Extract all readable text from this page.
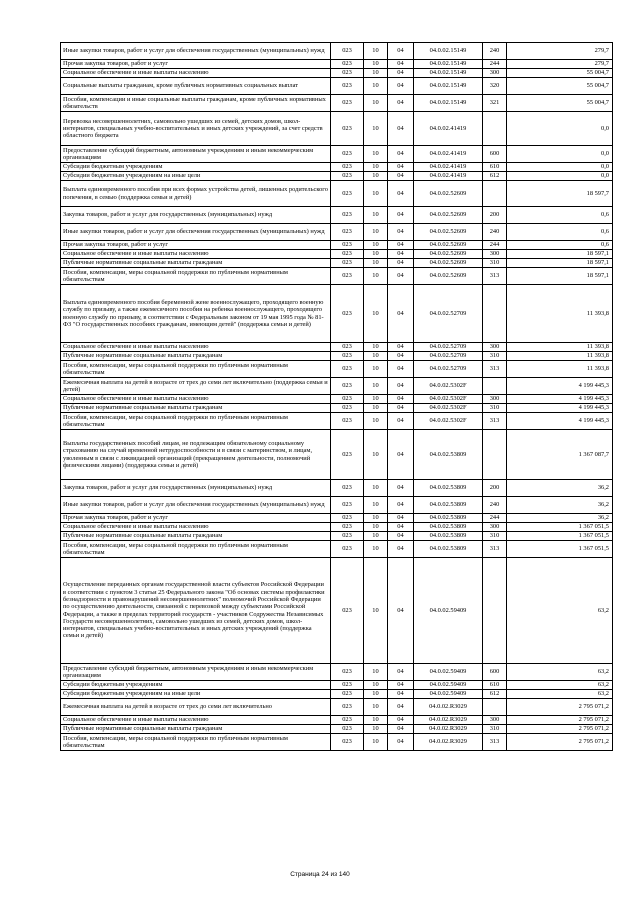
Иные закупки товаров, работ и услуг для обеспечения государственных (муниципальных) нужд	023	10	04	04.0.02.15149	240	279,7
Прочая закупка товаров, работ и услуг	023	10	04	04.0.02.15149	244	279,7
Социальное обеспечение и иные выплаты населению	023	10	04	04.0.02.15149	300	55 004,7
Социальные выплаты гражданам, кроме публичных нормативных социальных выплат	023	10	04	04.0.02.15149	320	55 004,7
Пособия, компенсации и иные социальные выплаты гражданам, кроме публичных нормативных обязательств	023	10	04	04.0.02.15149	321	55 004,7
Перевозка несовершеннолетних, самовольно ушедших из семей, детских домов, школ-интернатов, специальных учебно-воспитательных и иных детских учреждений, за счет средств областного бюджета	023	10	04	04.0.02.41419		0,0
Предоставление субсидий бюджетным, автономным учреждениям и иным некоммерческим организациям	023	10	04	04.0.02.41419	600	0,0
Субсидии бюджетным учреждениям	023	10	04	04.0.02.41419	610	0,0
Субсидии бюджетным учреждениям на иные цели	023	10	04	04.0.02.41419	612	0,0
Выплата единовременного пособия при всех формах устройства детей, лишенных родительского попечения, в семью (поддержка семьи и детей)	023	10	04	04.0.02.52609		18 597,7
Закупка товаров, работ и услуг для государственных (муниципальных) нужд	023	10	04	04.0.02.52609	200	0,6
Иные закупки товаров, работ и услуг для обеспечения государственных (муниципальных) нужд	023	10	04	04.0.02.52609	240	0,6
Прочая закупка товаров, работ и услуг	023	10	04	04.0.02.52609	244	0,6
Социальное обеспечение и иные выплаты населению	023	10	04	04.0.02.52609	300	18 597,1
Публичные нормативные социальные выплаты гражданам	023	10	04	04.0.02.52609	310	18 597,1
Пособия, компенсации, меры социальной поддержки по публичным нормативным обязательствам	023	10	04	04.0.02.52609	313	18 597,1
Выплата единовременного пособия беременной жене военнослужащего, проходящего военную службу по призыву, а также ежемесячного пособия на ребенка военнослужащего, проходящего военную службу по призыву, в соответствии с Федеральным законом от 19 мая 1995 года № 81-ФЗ "О государственных пособиях гражданам, имеющим детей" (поддержка семьи и детей)	023	10	04	04.0.02.52709		11 393,8
Социальное обеспечение и иные выплаты населению	023	10	04	04.0.02.52709	300	11 393,8
Публичные нормативные социальные выплаты гражданам	023	10	04	04.0.02.52709	310	11 393,8
Пособия, компенсации, меры социальной поддержки по публичным нормативным обязательствам	023	10	04	04.0.02.52709	313	11 393,8
Ежемесячная выплата на детей в возрасте от трех до семи лет включительно (поддержка семьи и детей)	023	10	04	04.0.02.5302F		4 199 445,3
Социальное обеспечение и иные выплаты населению	023	10	04	04.0.02.5302F	300	4 199 445,3
Публичные нормативные социальные выплаты гражданам	023	10	04	04.0.02.5302F	310	4 199 445,3
Пособия, компенсации, меры социальной поддержки по публичным нормативным обязательствам	023	10	04	04.0.02.5302F	313	4 199 445,3
Выплаты государственных пособий лицам, не подлежащим обязательному социальному страхованию на случай временной нетрудоспособности и в связи с материнством, и лицам, уволенным в связи с ликвидацией организаций (прекращением деятельности, полномочий физическими лицами) (поддержка семьи и детей)	023	10	04	04.0.02.53809		1 367 087,7
Закупка товаров, работ и услуг для государственных (муниципальных) нужд	023	10	04	04.0.02.53809	200	36,2
Иные закупки товаров, работ и услуг для обеспечения государственных (муниципальных) нужд	023	10	04	04.0.02.53809	240	36,2
Прочая закупка товаров, работ и услуг	023	10	04	04.0.02.53809	244	36,2
Социальное обеспечение и иные выплаты населению	023	10	04	04.0.02.53809	300	1 367 051,5
Публичные нормативные социальные выплаты гражданам	023	10	04	04.0.02.53809	310	1 367 051,5
Пособия, компенсации, меры социальной поддержки по публичным нормативным обязательствам	023	10	04	04.0.02.53809	313	1 367 051,5
Осуществление переданных органам государственной власти субъектов Российской Федерации в соответствии с пунктом 3 статьи 25 Федерального закона "Об основах системы профилактики безнадзорности и правонарушений несовершеннолетних" полномочий Российской Федерации по осуществлению деятельности, связанной с перевозкой между субъектами Российской Федерации, а также в пределах территорий государств - участников Содружества Независимых Государств несовершеннолетних, самовольно ушедших из семей, детских домов, школ-интернатов, специальных учебно-воспитательных и иных детских учреждений (поддержка семьи и детей)	023	10	04	04.0.02.59409		63,2
Предоставление субсидий бюджетным, автономным учреждениям и иным некоммерческим организациям	023	10	04	04.0.02.59409	600	63,2
Субсидии бюджетным учреждениям	023	10	04	04.0.02.59409	610	63,2
Субсидии бюджетным учреждениям на иные цели	023	10	04	04.0.02.59409	612	63,2
Ежемесячная выплата на детей в возрасте от трех до семи лет включительно	023	10	04	04.0.02.R3029		2 795 071,2
Социальное обеспечение и иные выплаты населению	023	10	04	04.0.02.R3029	300	2 795 071,2
Публичные нормативные социальные выплаты гражданам	023	10	04	04.0.02.R3029	310	2 795 071,2
Пособия, компенсации, меры социальной поддержки по публичным нормативным обязательствам	023	10	04	04.0.02.R3029	313	2 795 071,2
Страница 24 из 140
